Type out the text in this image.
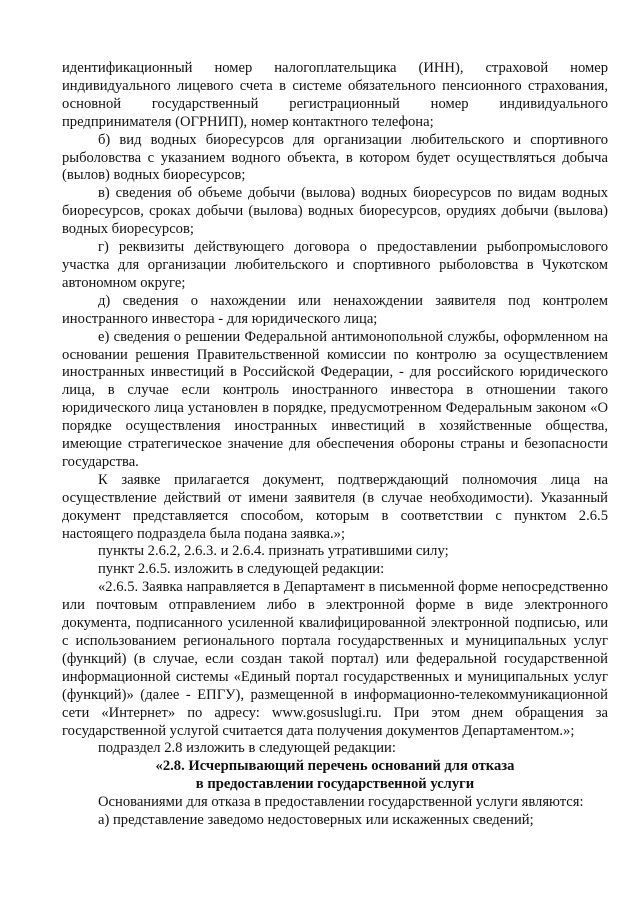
идентификационный номер налогоплательщика (ИНН), страховой номер индивидуального лицевого счета в системе обязательного пенсионного страхования, основной государственный регистрационный номер индивидуального предпринимателя (ОГРНИП), номер контактного телефона;

б) вид водных биоресурсов для организации любительского и спортивного рыболовства с указанием водного объекта, в котором будет осуществляться добыча (вылов) водных биоресурсов;

в) сведения об объеме добычи (вылова) водных биоресурсов по видам водных биоресурсов, сроках добычи (вылова) водных биоресурсов, орудиях добычи (вылова) водных биоресурсов;

г) реквизиты действующего договора о предоставлении рыбопромыслового участка для организации любительского и спортивного рыболовства в Чукотском автономном округе;

д) сведения о нахождении или ненахождении заявителя под контролем иностранного инвестора - для юридического лица;

е) сведения о решении Федеральной антимонопольной службы, оформленном на основании решения Правительственной комиссии по контролю за осуществлением иностранных инвестиций в Российской Федерации, - для российского юридического лица, в случае если контроль иностранного инвестора в отношении такого юридического лица установлен в порядке, предусмотренном Федеральным законом «О порядке осуществления иностранных инвестиций в хозяйственные общества, имеющие стратегическое значение для обеспечения обороны страны и безопасности государства.

К заявке прилагается документ, подтверждающий полномочия лица на осуществление действий от имени заявителя (в случае необходимости). Указанный документ представляется способом, которым в соответствии с пунктом 2.6.5 настоящего подраздела была подана заявка.»;

пункты 2.6.2, 2.6.3. и 2.6.4. признать утратившими силу;

пункт 2.6.5. изложить в следующей редакции:

«2.6.5. Заявка направляется в Департамент в письменной форме непосредственно или почтовым отправлением либо в электронной форме в виде электронного документа, подписанного усиленной квалифицированной электронной подписью, или с использованием регионального портала государственных и муниципальных услуг (функций) (в случае, если создан такой портал) или федеральной государственной информационной системы «Единый портал государственных и муниципальных услуг (функций)» (далее - ЕПГУ), размещенной в информационно-телекоммуникационной сети «Интернет» по адресу: www.gosuslugi.ru. При этом днем обращения за государственной услугой считается дата получения документов Департаментом.»;

подраздел 2.8 изложить в следующей редакции:

«2.8. Исчерпывающий перечень оснований для отказа
в предоставлении государственной услуги

Основаниями для отказа в предоставлении государственной услуги являются:

а) представление заведомо недостоверных или искаженных сведений;
